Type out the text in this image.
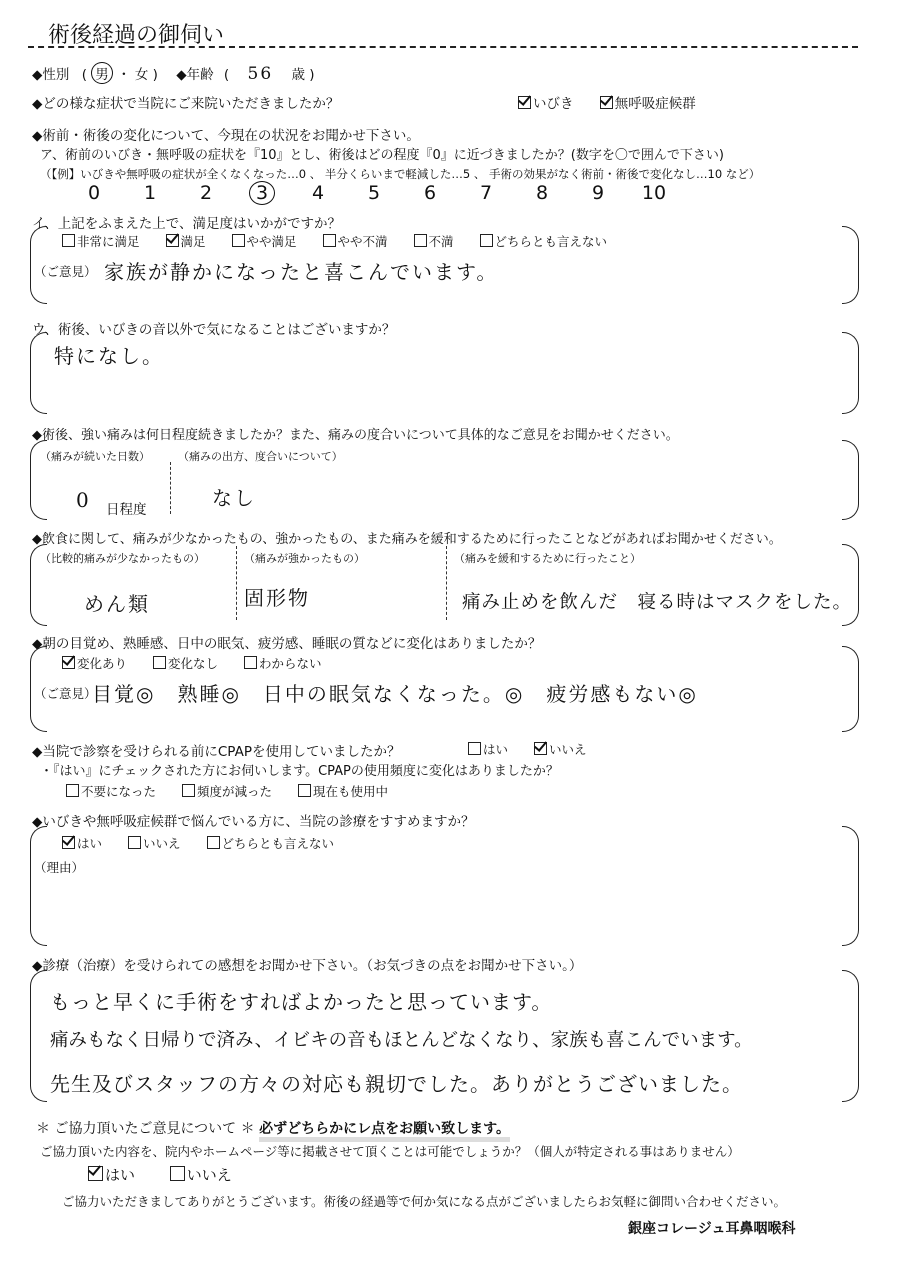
術後経過の御伺い
◆性別 ( 男 ・ 女 ) ◆年齢 ( 56 歳 )
◆どの様な症状で当院にご来院いただきましたか？	いびき	無呼吸症候群
◆術前・術後の変化について、今現在の状況をお聞かせ下さい。
ア、術前のいびき・無呼吸の症状を『10』とし、術後はどの程度『0』に近づきましたか？(数字を〇で囲んで下さい)
（【例】いびきや無呼吸の症状が全くなくなった…0 、 半分くらいまで軽減した…5 、 手術の効果がなく術前・術後で変化なし…10 など）
0 1 2 3 4 5 6 7 8 9 10
イ、上記をふまえた上で、満足度はいかがですか？
非常に満足	満足	やや満足	やや不満	不満	どちらとも言えない
（ご意見） 家族が静かになったと喜こんでいます。
ウ、術後、いびきの音以外で気になることはございますか？
特になし。
◆術後、強い痛みは何日程度続きましたか？また、痛みの度合いについて具体的なご意見をお聞かせください。
（痛みが続いた日数）	（痛みの出方、度合いについて）
0 日程度	なし
◆飲食に関して、痛みが少なかったもの、強かったもの、また痛みを緩和するために行ったことなどがあればお聞かせください。
（比較的痛みが少なかったもの）	（痛みが強かったもの）	（痛みを緩和するために行ったこと）
めん類	固形物	痛み止めを飲んだ　寝る時はマスクをした。
◆朝の目覚め、熟睡感、日中の眠気、疲労感、睡眠の質などに変化はありましたか？
変化あり	変化なし	わからない
（ご意見）
目覚◎　熟睡◎　日中の眠気なくなった。◎　疲労感もない◎
◆当院で診察を受けられる前にCPAPを使用していましたか？	はい	いいえ
・『はい』にチェックされた方にお伺いします。CPAPの使用頻度に変化はありましたか？
不要になった	頻度が減った	現在も使用中
◆いびきや無呼吸症候群で悩んでいる方に、当院の診療をすすめますか？
はい	いいえ	どちらとも言えない
（理由）
◆診療（治療）を受けられての感想をお聞かせ下さい。（お気づきの点をお聞かせ下さい。）
もっと早くに手術をすればよかったと思っています。
痛みもなく日帰りで済み、イビキの音もほとんどなくなり、家族も喜こんでいます。
先生及びスタッフの方々の対応も親切でした。ありがとうございました。
＊ ご協力頂いたご意見について ＊ 必ずどちらかにレ点をお願い致します。
ご協力頂いた内容を、院内やホームページ等に掲載させて頂くことは可能でしょうか？（個人が特定される事はありません）
はい	いいえ
ご協力いただきましてありがとうございます。術後の経過等で何か気になる点がございましたらお気軽に御問い合わせください。
銀座コレージュ耳鼻咽喉科
